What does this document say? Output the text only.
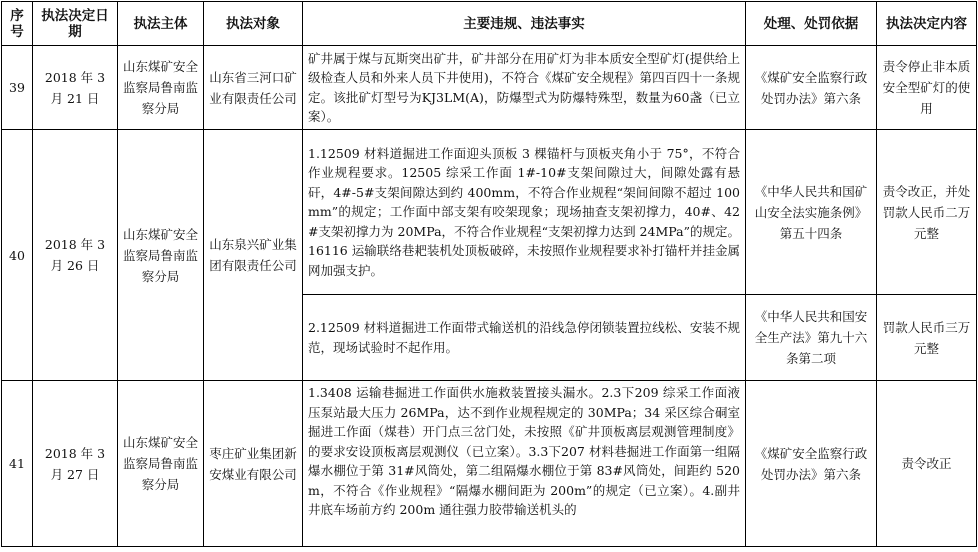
序号	执法决定日期	执法主体	执法对象	主要违规、违法事实	处理、处罚依据	执法决定内容
39	2018 年 3 月 21 日	山东煤矿安全监察局鲁南监察分局	山东省三河口矿业有限责任公司	矿井属于煤与瓦斯突出矿井，矿井部分在用矿灯为非本质安全型矿灯(提供给上级检查人员和外来人员下井使用)，不符合《煤矿安全规程》第四百四十一条规定。该批矿灯型号为KJ3LM(A)，防爆型式为防爆特殊型，数量为60盏（已立案）。	《煤矿安全监察行政处罚办法》第六条	责令停止非本质安全型矿灯的使用
40	2018 年 3 月 26 日	山东煤矿安全监察局鲁南监察分局	山东泉兴矿业集团有限责任公司	1.12509 材料道掘进工作面迎头顶板 3 棵锚杆与顶板夹角小于 75°，不符合作业规程要求。12505 综采工作面 1#-10#支架间隙过大，间隙处露有悬矸，4#-5#支架间隙达到约 400mm，不符合作业规程“架间间隙不超过 100mm”的规定；工作面中部支架有咬架现象；现场抽查支架初撑力，40#、42#支架初撑力为 20MPa，不符合作业规程“支架初撑力达到 24MPa”的规定。16116 运输联络巷耙装机处顶板破碎，未按照作业规程要求补打锚杆并挂金属网加强支护。	《中华人民共和国矿山安全法实施条例》第五十四条	责令改正，并处罚款人民币二万元整
				2.12509 材料道掘进工作面带式输送机的沿线急停闭锁装置拉线松、安装不规范，现场试验时不起作用。	《中华人民共和国安全生产法》第九十六条第二项	罚款人民币三万元整
41	2018 年 3 月 27 日	山东煤矿安全监察局鲁南监察分局	枣庄矿业集团新安煤业有限公司	1.3408 运输巷掘进工作面供水施救装置接头漏水。2.3下209 综采工作面液压泵站最大压力 26MPa，达不到作业规程规定的 30MPa；34 采区综合硐室掘进工作面（煤巷）开门点三岔门处，未按照《矿井顶板离层观测管理制度》的要求安设顶板离层观测仪（已立案）。3.3下207 材料巷掘进工作面第一组隔爆水棚位于第 31#风筒处，第二组隔爆水棚位于第 83#风筒处，间距约 520m，不符合《作业规程》“隔爆水棚间距为 200m”的规定（已立案）。4.副井井底车场前方约 200m 通往强力胶带输送机头的	《煤矿安全监察行政处罚办法》第六条	责令改正
